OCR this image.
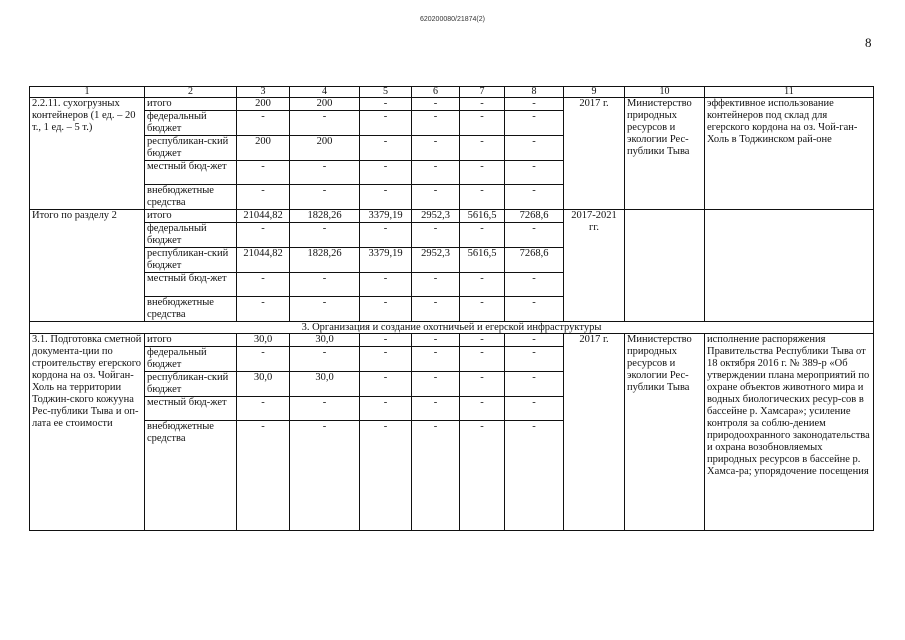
620200080/21874(2)
8
1	2	3	4	5	6	7	8	9	10	11
2.2.11. сухогрузных контейнеров (1 ед. – 20 т., 1 ед. – 5 т.)	итого	200	200	-	-	-	-	2017 г.	Министерство природных ресурсов и экологии Рес-публики Тыва	эффективное использование контейнеров под склад для егерского кордона на оз. Чой-ган-Холь в Тоджинском рай-оне
	федеральный бюджет	-	-	-	-	-	-			
	республикан-ский бюджет	200	200	-	-	-	-			
	местный бюд-жет	-	-	-	-	-	-			
	внебюджетные средства	-	-	-	-	-	-			
Итого по разделу 2	итого	21044,82	1828,26	3379,19	2952,3	5616,5	7268,6	2017-2021 гг.		
	федеральный бюджет	-	-	-	-	-	-			
	республикан-ский бюджет	21044,82	1828,26	3379,19	2952,3	5616,5	7268,6			
	местный бюд-жет	-	-	-	-	-	-			
	внебюджетные средства	-	-	-	-	-	-			
3. Организация и создание охотничьей и егерской инфраструктуры										
3.1. Подготовка сметной документа-ции по строительству егерского кордона на оз. Чойган-Холь на территории Тоджин-ского кожууна Рес-публики Тыва и оп-лата ее стоимости	итого	30,0	30,0	-	-	-	-	2017 г.	Министерство природных ресурсов и экологии Рес-публики Тыва	исполнение распоряжения Правительства Республики Тыва от 18 октября 2016 г. № 389-р «Об утверждении плана мероприятий по охране объектов животного мира и водных биологических ресур-сов в бассейне р. Хамсара»; усиление контроля за соблю-дением природоохранного законодательства и охрана возобновляемых природных ресурсов в бассейне р. Хамса-ра; упорядочение посещения
	федеральный бюджет	-	-	-	-	-	-			
	республикан-ский бюджет	30,0	30,0	-	-	-	-			
	местный бюд-жет	-	-	-	-	-	-			
	внебюджетные средства	-	-	-	-	-	-			
